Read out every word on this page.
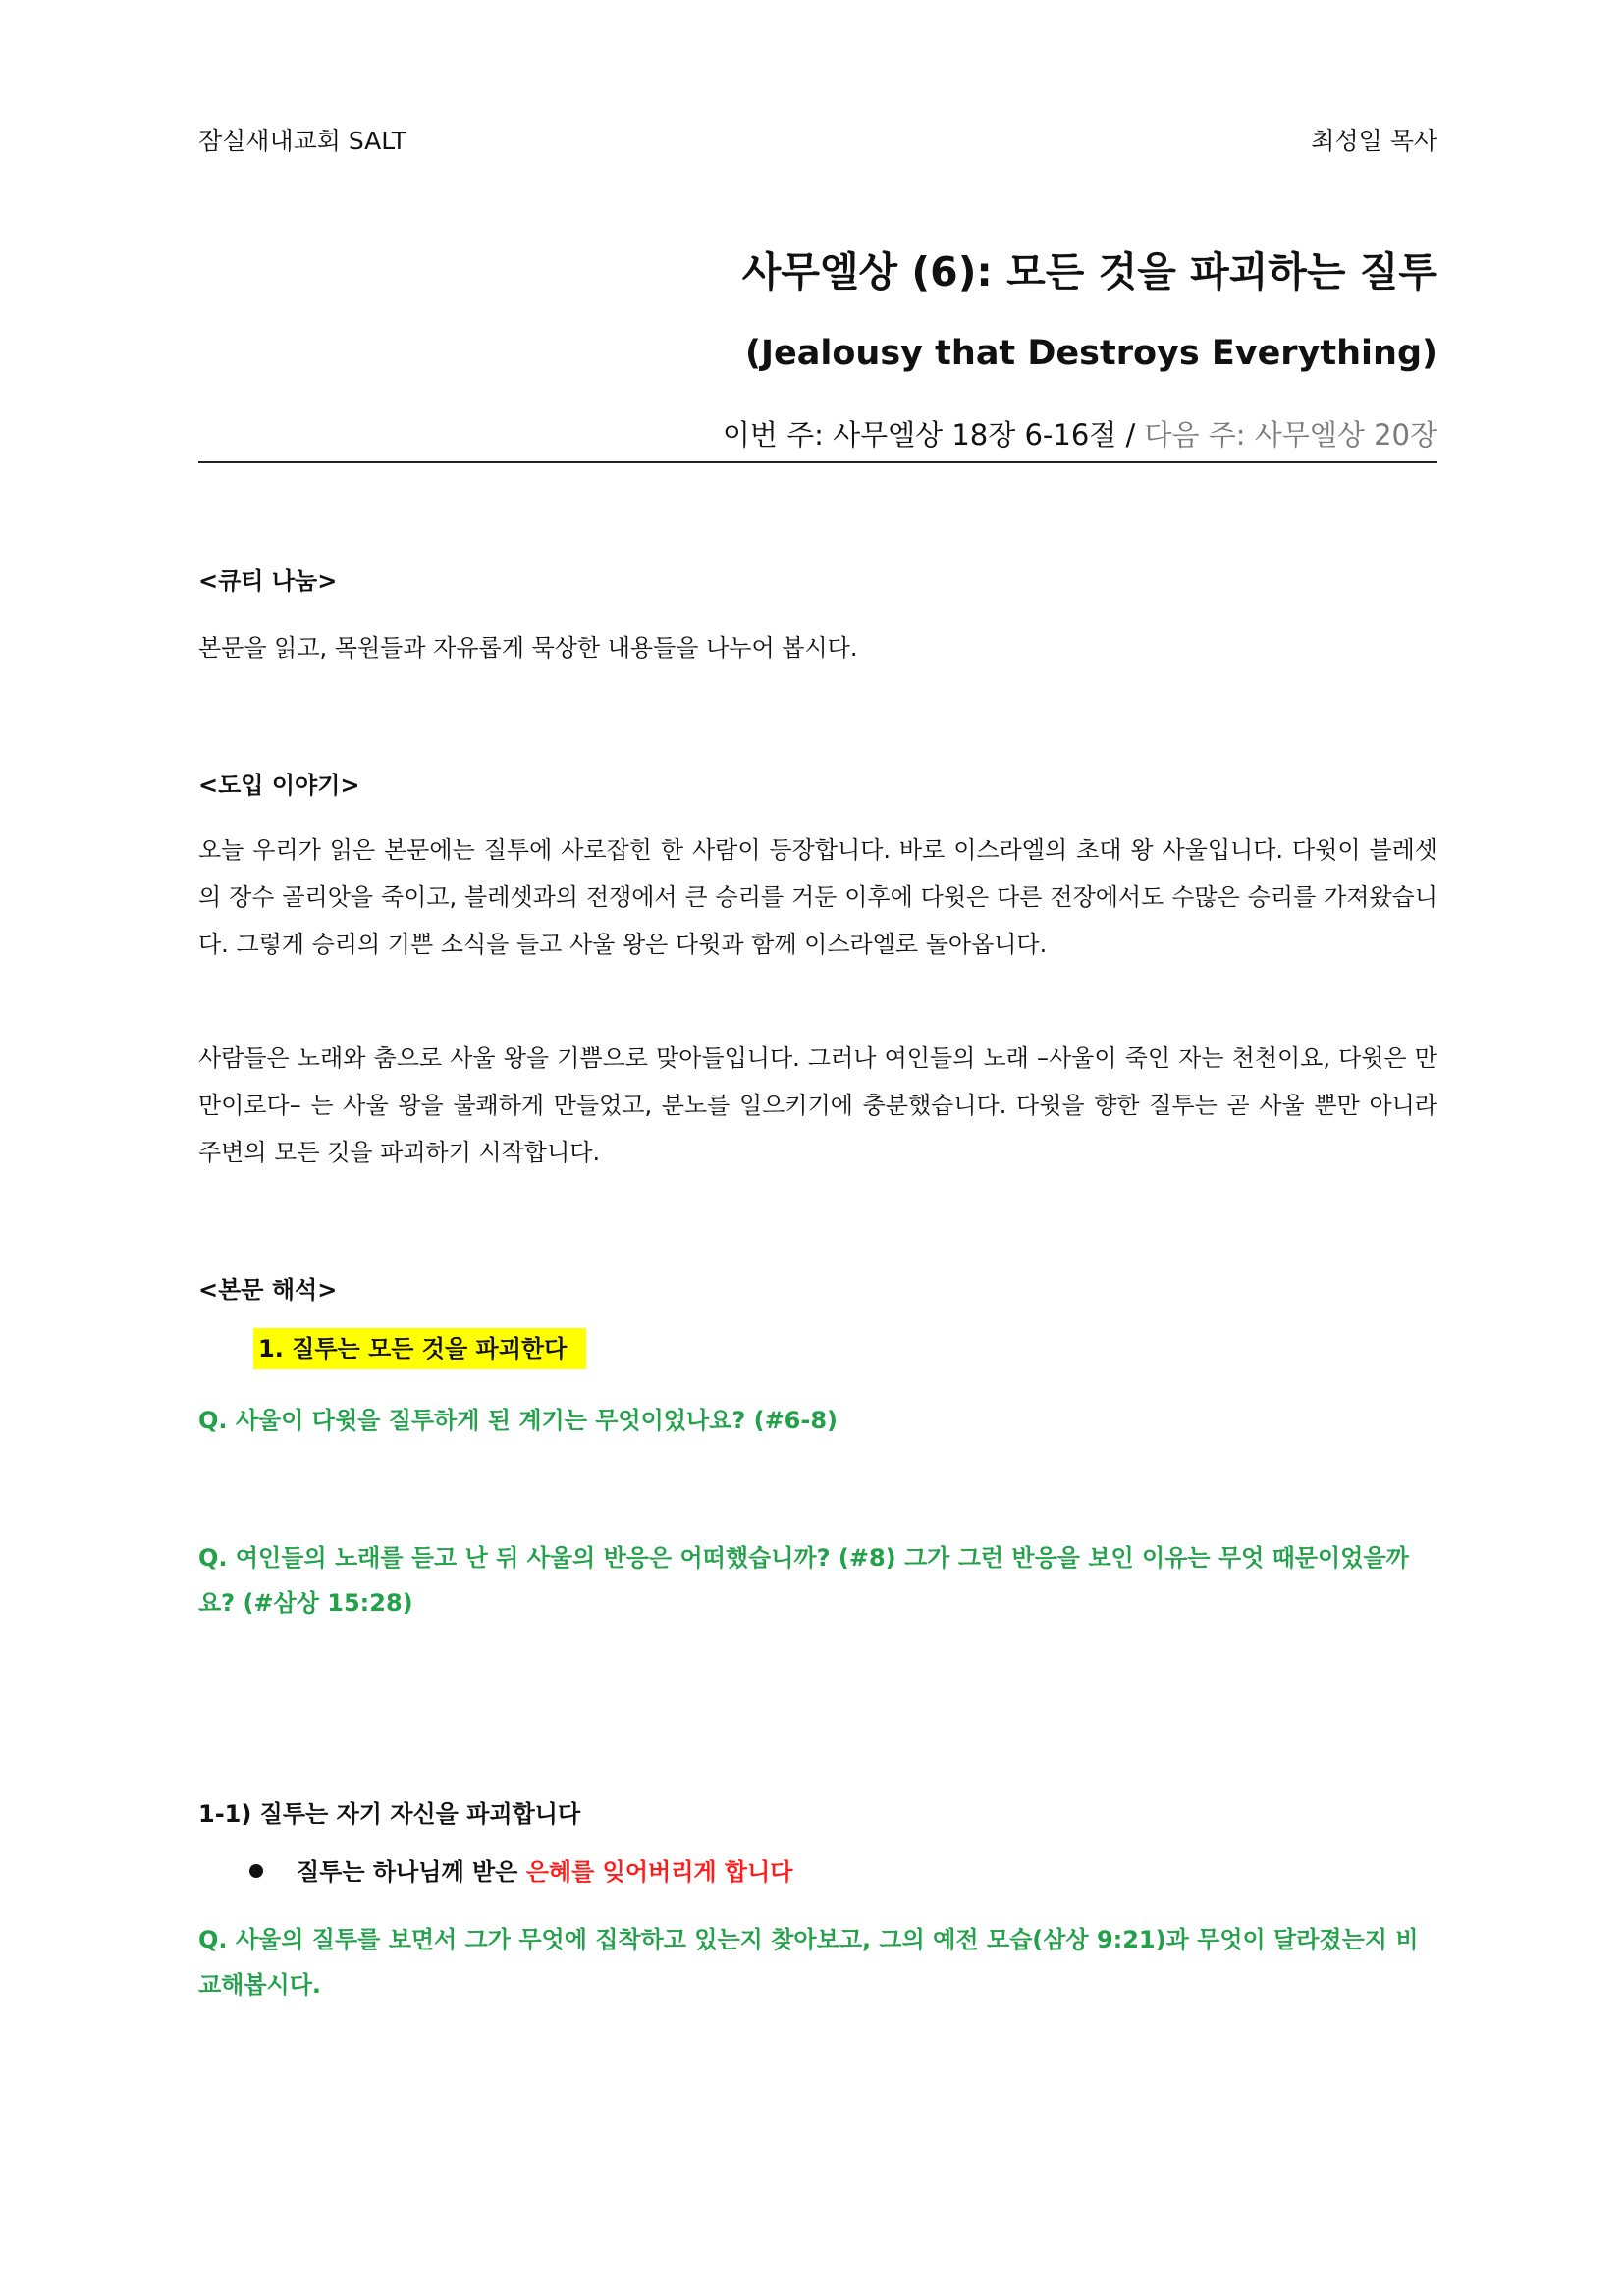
잠실새내교회 SALT	최성일 목사
사무엘상 (6): 모든 것을 파괴하는 질투
(Jealousy that Destroys Everything)
이번 주: 사무엘상 18장 6-16절 / 다음 주: 사무엘상 20장
<큐티 나눔>
본문을 읽고, 목원들과 자유롭게 묵상한 내용들을 나누어 봅시다.
<도입 이야기>
오늘 우리가 읽은 본문에는 질투에 사로잡힌 한 사람이 등장합니다. 바로 이스라엘의 초대 왕 사울입니다. 다윗이 블레셋의 장수 골리앗을 죽이고, 블레셋과의 전쟁에서 큰 승리를 거둔 이후에 다윗은 다른 전장에서도 수많은 승리를 가져왔습니다. 그렇게 승리의 기쁜 소식을 들고 사울 왕은 다윗과 함께 이스라엘로 돌아옵니다.
사람들은 노래와 춤으로 사울 왕을 기쁨으로 맞아들입니다. 그러나 여인들의 노래 –사울이 죽인 자는 천천이요, 다윗은 만만이로다– 는 사울 왕을 불쾌하게 만들었고, 분노를 일으키기에 충분했습니다. 다윗을 향한 질투는 곧 사울 뿐만 아니라 주변의 모든 것을 파괴하기 시작합니다.
<본문 해석>
1. 질투는 모든 것을 파괴한다
Q. 사울이 다윗을 질투하게 된 계기는 무엇이었나요? (#6-8)
Q. 여인들의 노래를 듣고 난 뒤 사울의 반응은 어떠했습니까? (#8) 그가 그런 반응을 보인 이유는 무엇 때문이었을까요? (#삼상 15:28)
1-1) 질투는 자기 자신을 파괴합니다
질투는 하나님께 받은 은혜를 잊어버리게 합니다
Q. 사울의 질투를 보면서 그가 무엇에 집착하고 있는지 찾아보고, 그의 예전 모습(삼상 9:21)과 무엇이 달라졌는지 비교해봅시다.
